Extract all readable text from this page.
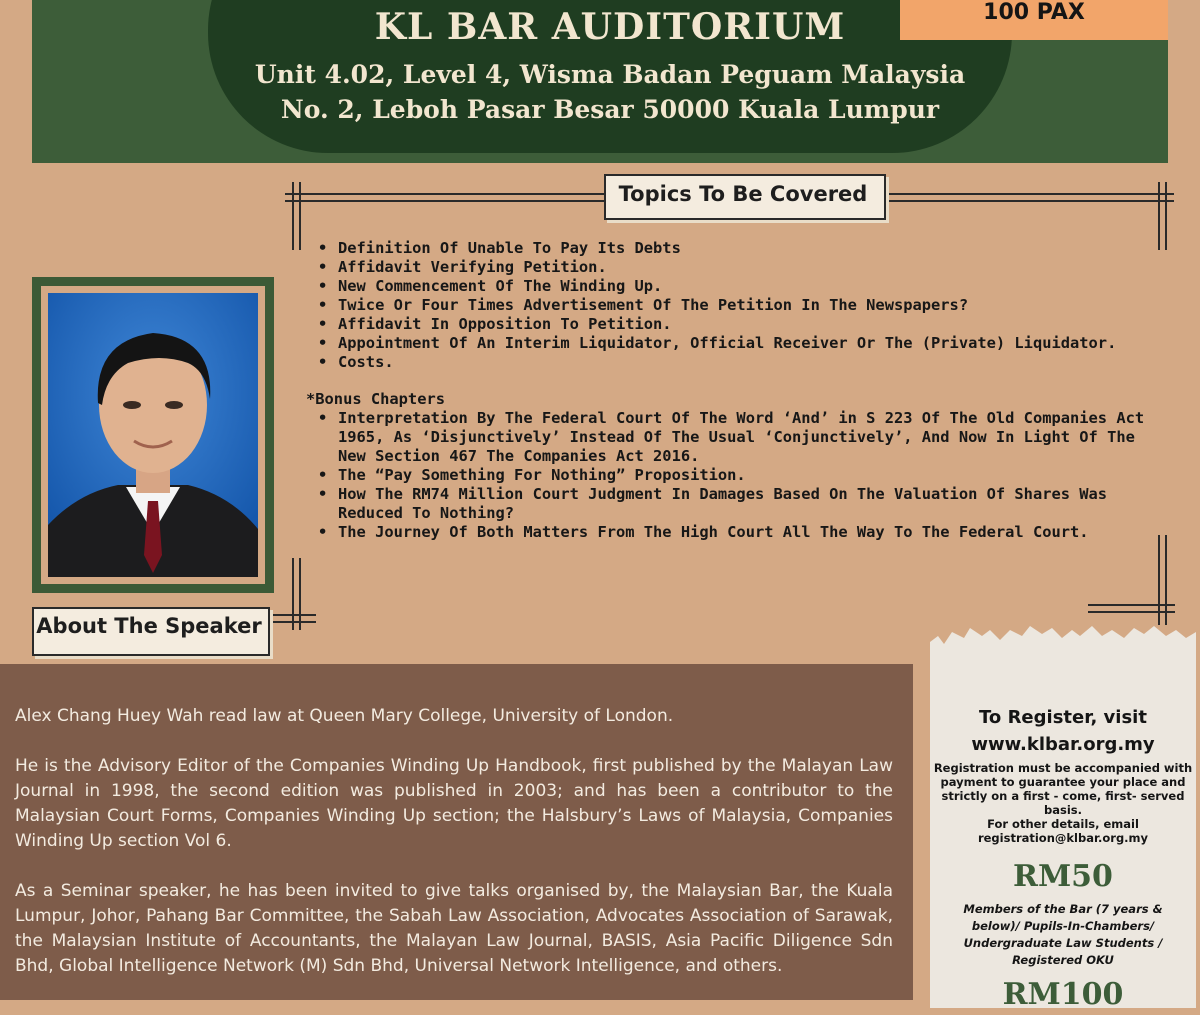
KL BAR AUDITORIUM
Unit 4.02, Level 4, Wisma Badan Peguam Malaysia
No. 2, Leboh Pasar Besar 50000 Kuala Lumpur
100 PAX
Topics To Be Covered
• Definition Of Unable To Pay Its Debts
• Affidavit Verifying Petition.
• New Commencement Of The Winding Up.
• Twice Or Four Times Advertisement Of The Petition In The Newspapers?
• Affidavit In Opposition To Petition.
• Appointment Of An Interim Liquidator, Official Receiver Or The (Private) Liquidator.
• Costs.
*Bonus Chapters
• Interpretation By The Federal Court Of The Word ‘And’ in S 223 Of The Old Companies Act 1965, As ‘Disjunctively’ Instead Of The Usual ‘Conjunctively’, And Now In Light Of The New Section 467 The Companies Act 2016.
• The “Pay Something For Nothing” Proposition.
• How The RM74 Million Court Judgment In Damages Based On The Valuation Of Shares Was Reduced To Nothing?
• The Journey Of Both Matters From The High Court All The Way To The Federal Court.
About The Speaker

Alex Chang Huey Wah read law at Queen Mary College, University of London.

He is the Advisory Editor of the Companies Winding Up Handbook, first published by the Malayan Law Journal in 1998, the second edition was published in 2003; and has been a contributor to the Malaysian Court Forms, Companies Winding Up section; the Halsbury’s Laws of Malaysia, Companies Winding Up section Vol 6.

As a Seminar speaker, he has been invited to give talks organised by, the Malaysian Bar, the Kuala Lumpur, Johor, Pahang Bar Committee, the Sabah Law Association, Advocates Association of Sarawak, the Malaysian Institute of Accountants, the Malayan Law Journal, BASIS, Asia Pacific Diligence Sdn Bhd, Global Intelligence Network (M) Sdn Bhd, Universal Network Intelligence, and others.

To Register, visit
www.klbar.org.my
Registration must be accompanied with payment to guarantee your place and strictly on a first - come, first- served basis.
For other details, email
registration@klbar.org.my
RM50
Members of the Bar (7 years & below)/ Pupils-In-Chambers/ Undergraduate Law Students / Registered OKU
RM100
